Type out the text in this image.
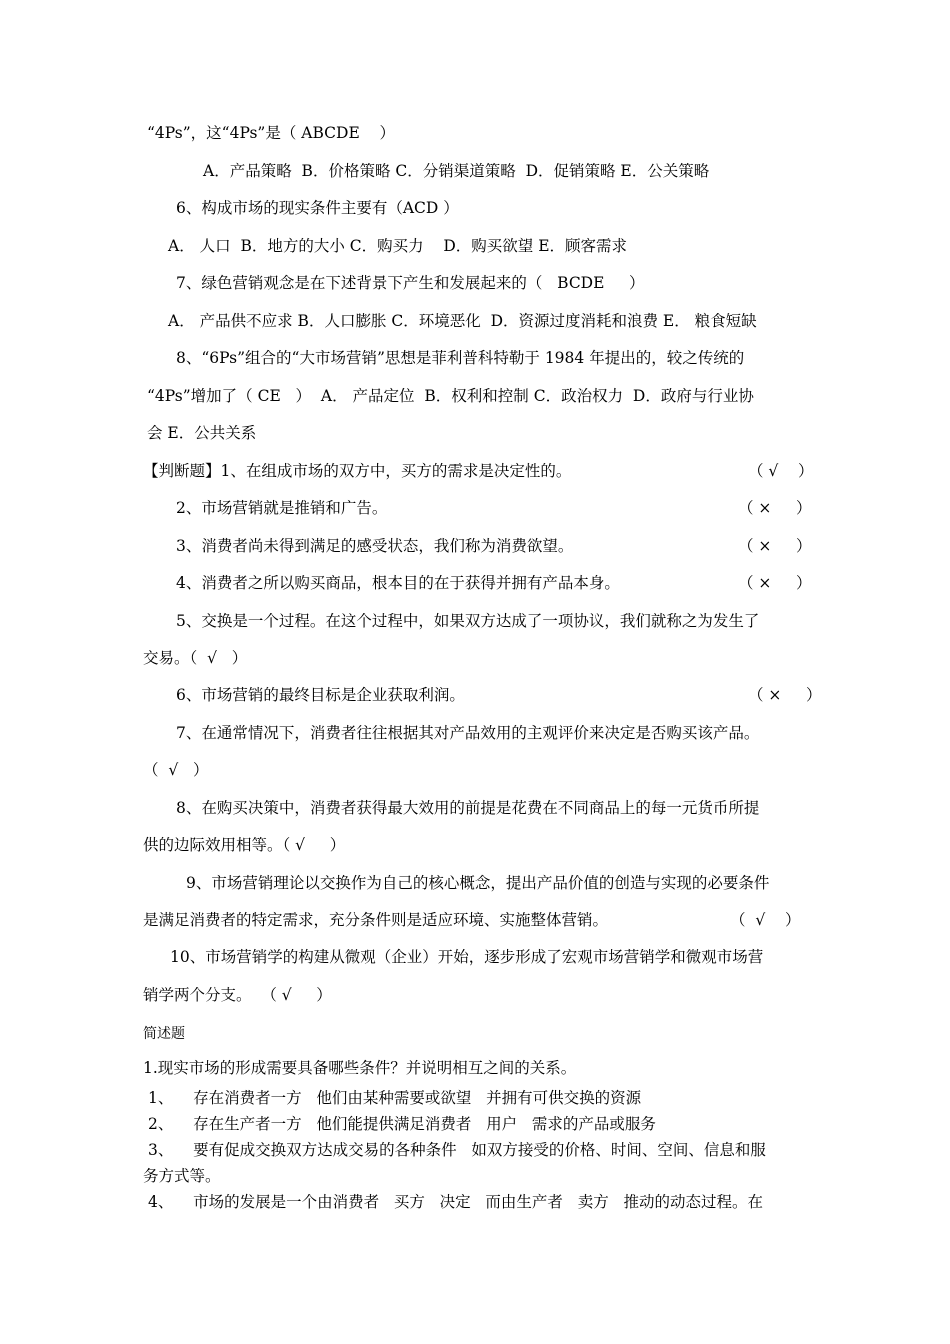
“4Ps”，这“4Ps”是（ ABCDE    ）
A．产品策略  B．价格策略 C．分销渠道策略  D．促销策略 E．公关策略
6、构成市场的现实条件主要有（ACD ）
A． 人口  B．地方的大小 C．购买力    D．购买欲望 E．顾客需求
7、绿色营销观念是在下述背景下产生和发展起来的（   BCDE     ）
A． 产品供不应求 B．人口膨胀 C．环境恶化  D．资源过度消耗和浪费 E． 粮食短缺
8、“6Ps”组合的“大市场营销”思想是菲利普科特勒于 1984 年提出的，较之传统的
“4Ps”增加了（ CE   ）  A． 产品定位  B．权利和控制 C．政治权力  D．政府与行业协
会 E．公共关系
【判断题】1、在组成市场的双方中，买方的需求是决定性的。	（ √    ）
2、市场营销就是推销和广告。	（ ×     ）
3、消费者尚未得到满足的感受状态，我们称为消费欲望。	（ ×     ）
4、消费者之所以购买商品，根本目的在于获得并拥有产品本身。	（ ×     ）
5、交换是一个过程。在这个过程中，如果双方达成了一项协议，我们就称之为发生了
交易。（  √   ）
6、市场营销的最终目标是企业获取利润。	（ ×     ）
7、在通常情况下，消费者往往根据其对产品效用的主观评价来决定是否购买该产品。
（  √   ）
8、在购买决策中，消费者获得最大效用的前提是花费在不同商品上的每一元货币所提
供的边际效用相等。（ √     ）
9、市场营销理论以交换作为自己的核心概念，提出产品价值的创造与实现的必要条件
是满足消费者的特定需求，充分条件则是适应环境、实施整体营销。	（  √    ）
10、市场营销学的构建从微观（企业）开始，逐步形成了宏观市场营销学和微观市场营
销学两个分支。  （ √     ）
简述题
1.现实市场的形成需要具备哪些条件？并说明相互之间的关系。
1、    存在消费者一方   他们由某种需要或欲望   并拥有可供交换的资源
2、    存在生产者一方   他们能提供满足消费者   用户   需求的产品或服务
3、    要有促成交换双方达成交易的各种条件   如双方接受的价格、时间、空间、信息和服
务方式等。
4、    市场的发展是一个由消费者   买方   决定   而由生产者   卖方   推动的动态过程。在
